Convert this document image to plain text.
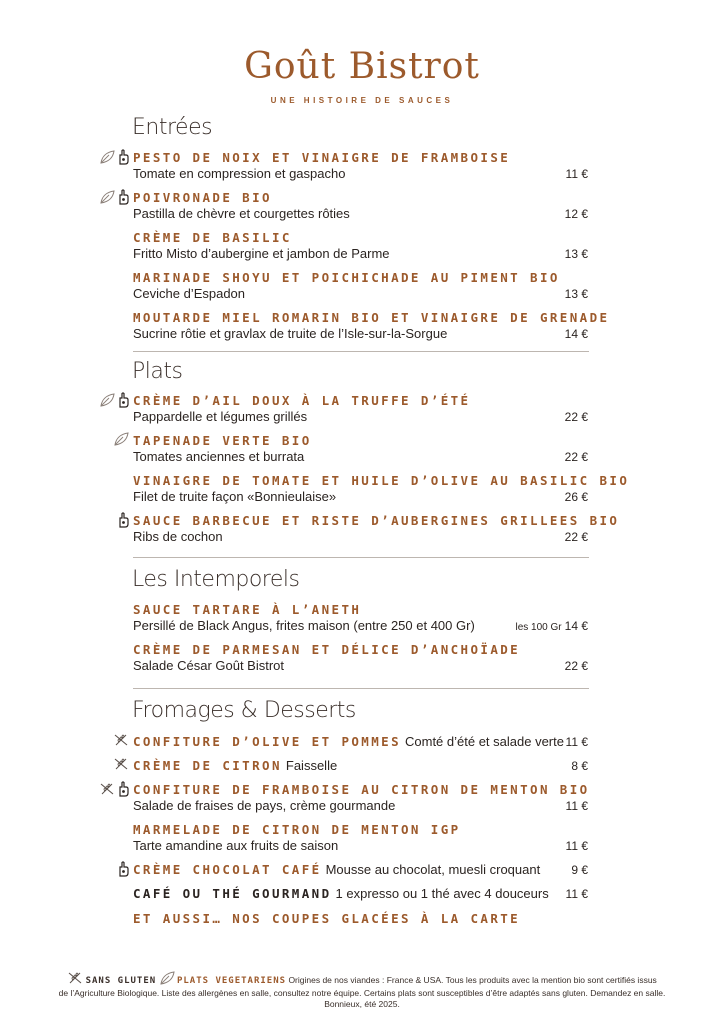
Goût Bistrot
UNE HISTOIRE DE SAUCES
Entrées
PESTO DE NOIX ET VINAIGRE DE FRAMBOISE
Tomate en compression et gaspacho	11 €
POIVRONADE BIO
Pastilla de chèvre et courgettes rôties	12 €
CRÈME DE BASILIC
Fritto Misto d’aubergine et jambon de Parme	13 €
MARINADE SHOYU ET POICHICHADE AU PIMENT BIO
Ceviche d’Espadon	13 €
MOUTARDE MIEL ROMARIN BIO ET VINAIGRE DE GRENADE
Sucrine rôtie et gravlax de truite de l’Isle-sur-la-Sorgue	14 €
Plats
CRÈME D’AIL DOUX À LA TRUFFE D’ÉTÉ
Pappardelle et légumes grillés	22 €
TAPENADE VERTE BIO
Tomates anciennes et burrata	22 €
VINAIGRE DE TOMATE ET HUILE D’OLIVE AU BASILIC BIO
Filet de truite façon «Bonnieulaise»	26 €
SAUCE BARBECUE ET RISTE D’AUBERGINES GRILLEES BIO
Ribs de cochon	22 €
Les Intemporels
SAUCE TARTARE À L’ANETH
Persillé de Black Angus, frites maison (entre 250 et 400 Gr)	les 100 Gr 14 €
CRÈME DE PARMESAN ET DÉLICE D’ANCHOÏADE
Salade César Goût Bistrot	22 €
Fromages & Desserts
CONFITURE D’OLIVE ET POMMES Comté d’été et salade verte 11 €
CRÈME DE CITRON Faisselle	8 €
CONFITURE DE FRAMBOISE AU CITRON DE MENTON BIO
Salade de fraises de pays, crème gourmande	11 €
MARMELADE DE CITRON DE MENTON IGP
Tarte amandine aux fruits de saison	11 €
CRÈME CHOCOLAT CAFÉ Mousse au chocolat, muesli croquant	9 €
CAFÉ OU THÉ GOURMAND 1 expresso ou 1 thé avec 4 douceurs 11 €
ET AUSSI… NOS COUPES GLACÉES À LA CARTE
SANS GLUTEN PLATS VEGETARIENS Origines de nos viandes : France & USA. Tous les produits avec la mention bio sont certifiés issus
de l’Agriculture Biologique. Liste des allergènes en salle, consultez notre équipe. Certains plats sont susceptibles d’être adaptés sans gluten. Demandez en salle.
Bonnieux, été 2025.
